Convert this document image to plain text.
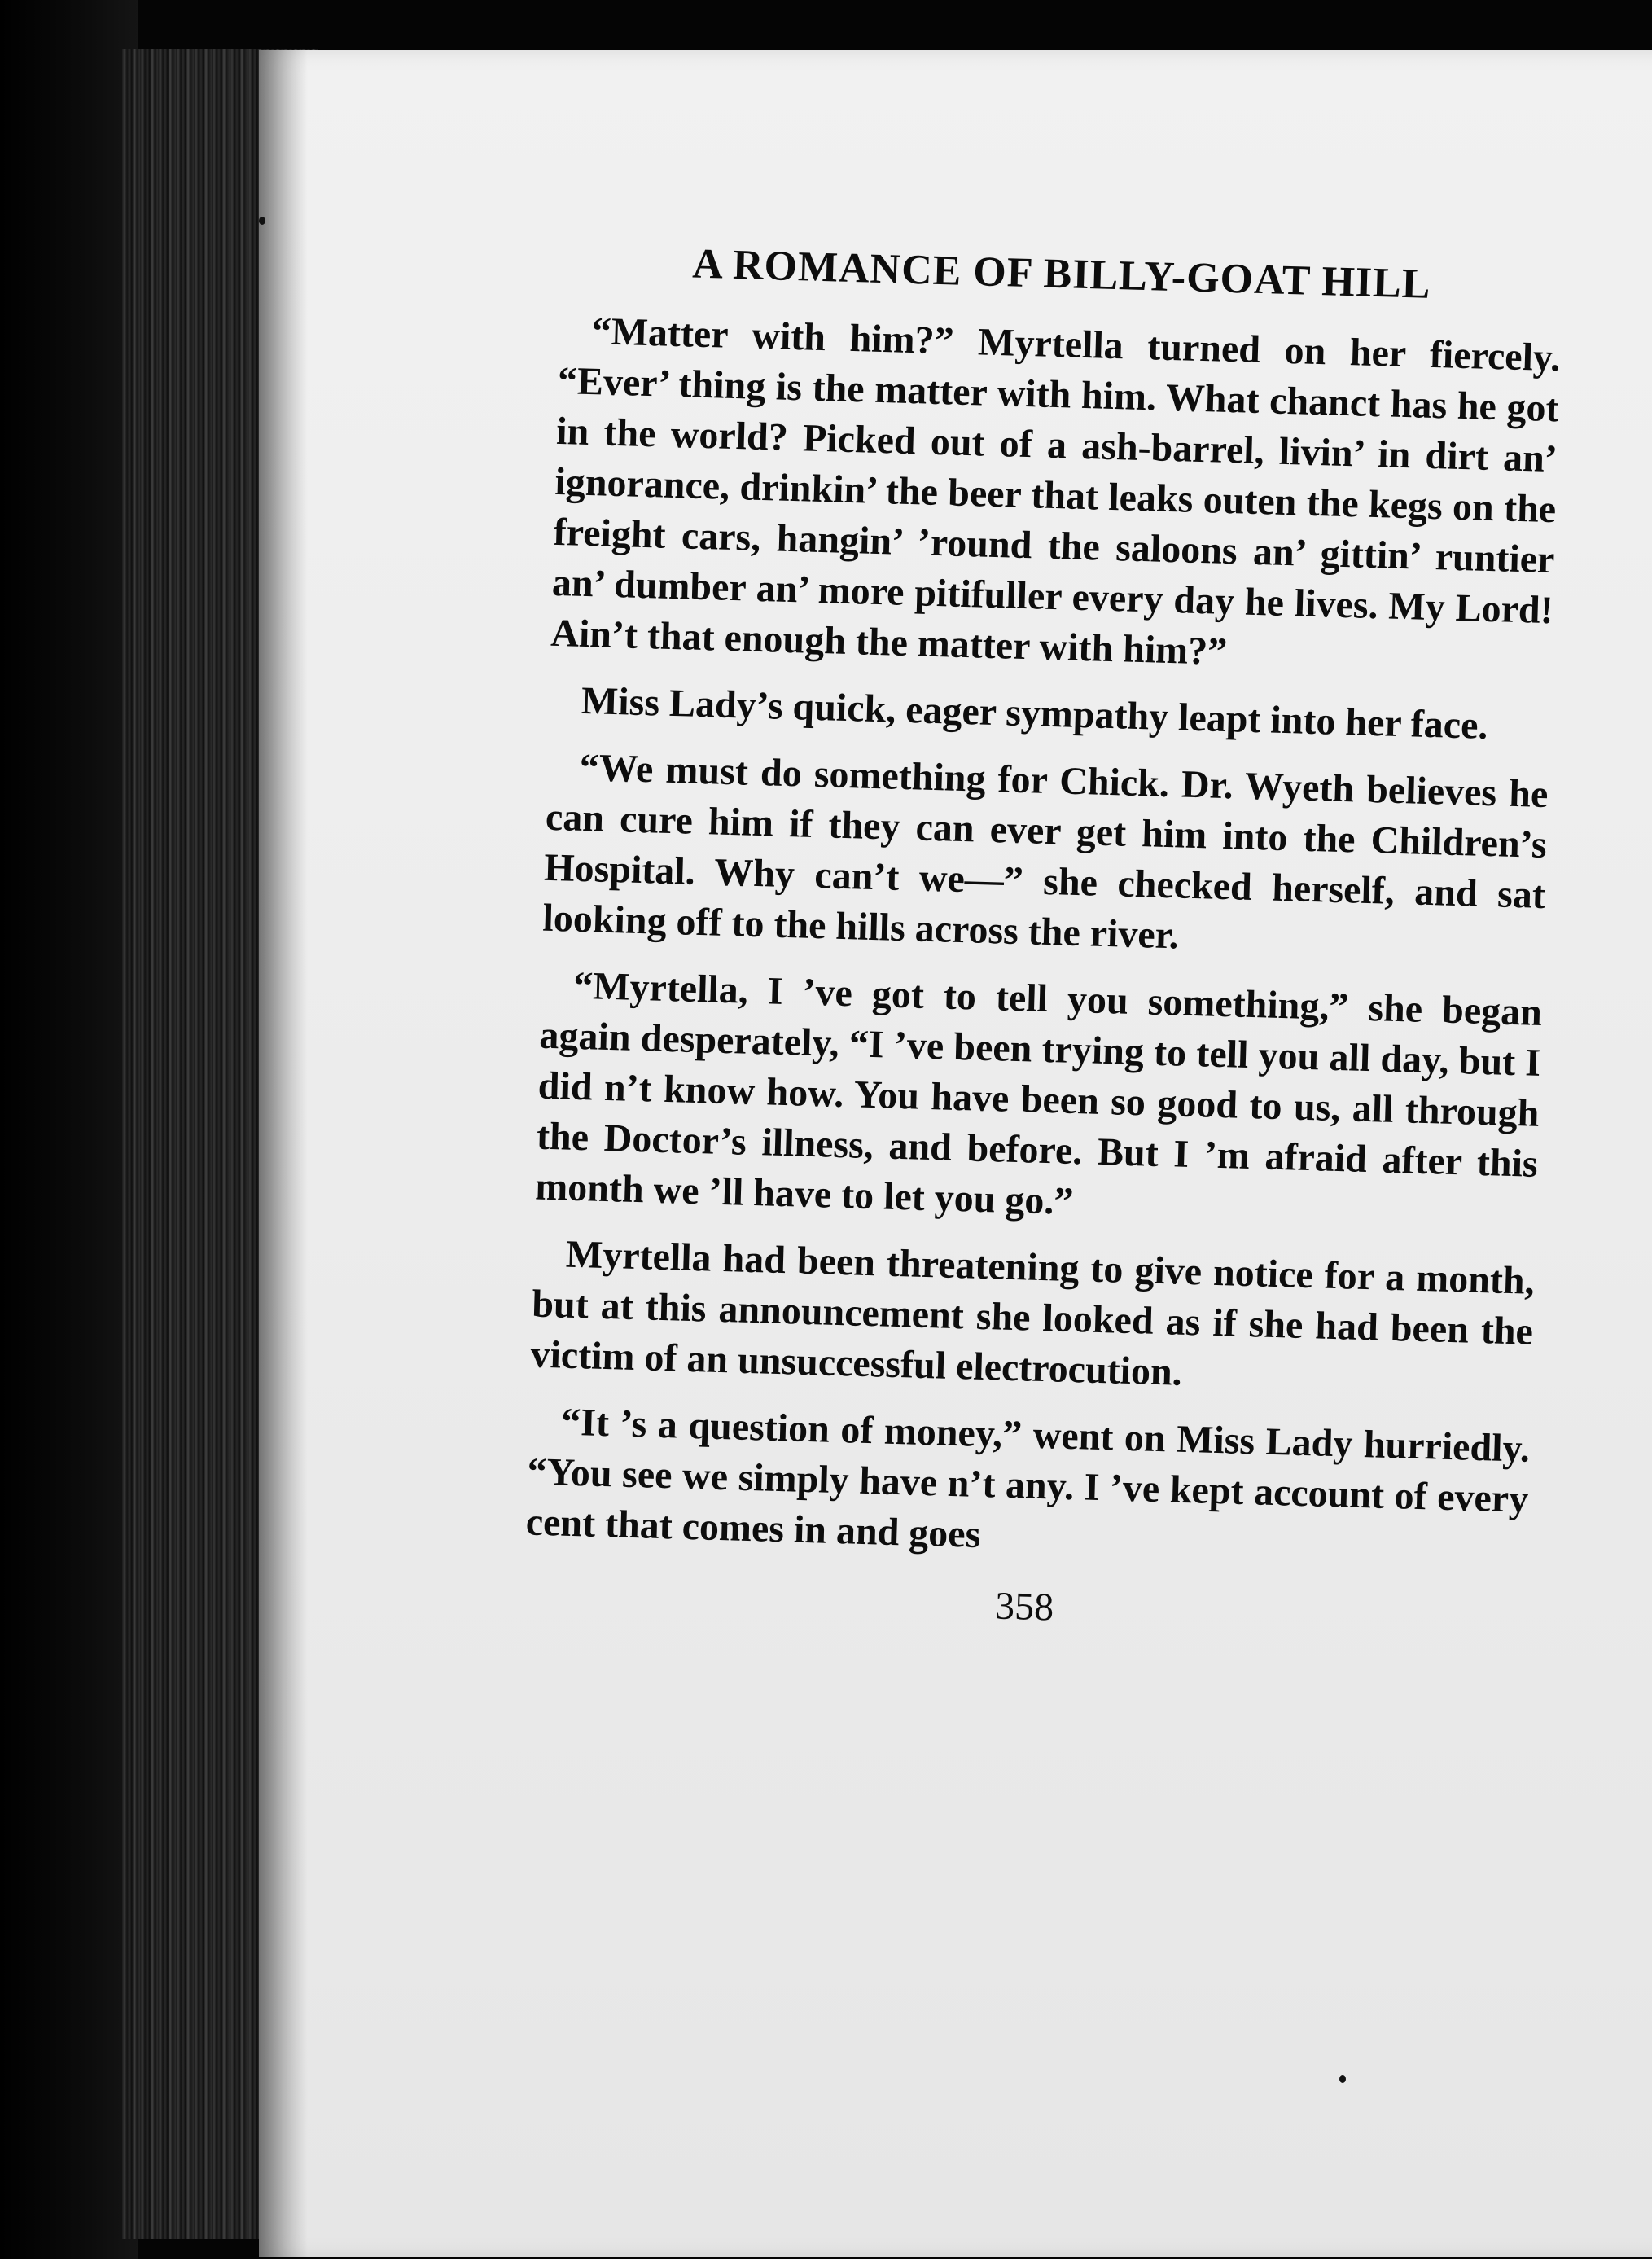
A ROMANCE OF BILLY-GOAT HILL

“Matter with him?” Myrtella turned on her fiercely. “Ever’ thing is the matter with him. What chanct has he got in the world? Picked out of a ash-barrel, livin’ in dirt an’ ignorance, drinkin’ the beer that leaks outen the kegs on the freight cars, hangin’ ’round the saloons an’ gittin’ runtier an’ dumber an’ more pitifuller every day he lives. My Lord! Ain’t that enough the matter with him?”

Miss Lady’s quick, eager sympathy leapt into her face.

“We must do something for Chick. Dr. Wyeth believes he can cure him if they can ever get him into the Children’s Hospital. Why can’t we—” she checked herself, and sat looking off to the hills across the river.

“Myrtella, I ’ve got to tell you something,” she began again desperately, “I ’ve been trying to tell you all day, but I did n’t know how. You have been so good to us, all through the Doctor’s illness, and before. But I ’m afraid after this month we ’ll have to let you go.”

Myrtella had been threatening to give notice for a month, but at this announcement she looked as if she had been the victim of an unsuccessful electrocution.

“It ’s a question of money,” went on Miss Lady hurriedly. “You see we simply have n’t any. I ’ve kept account of every cent that comes in and goes

358
